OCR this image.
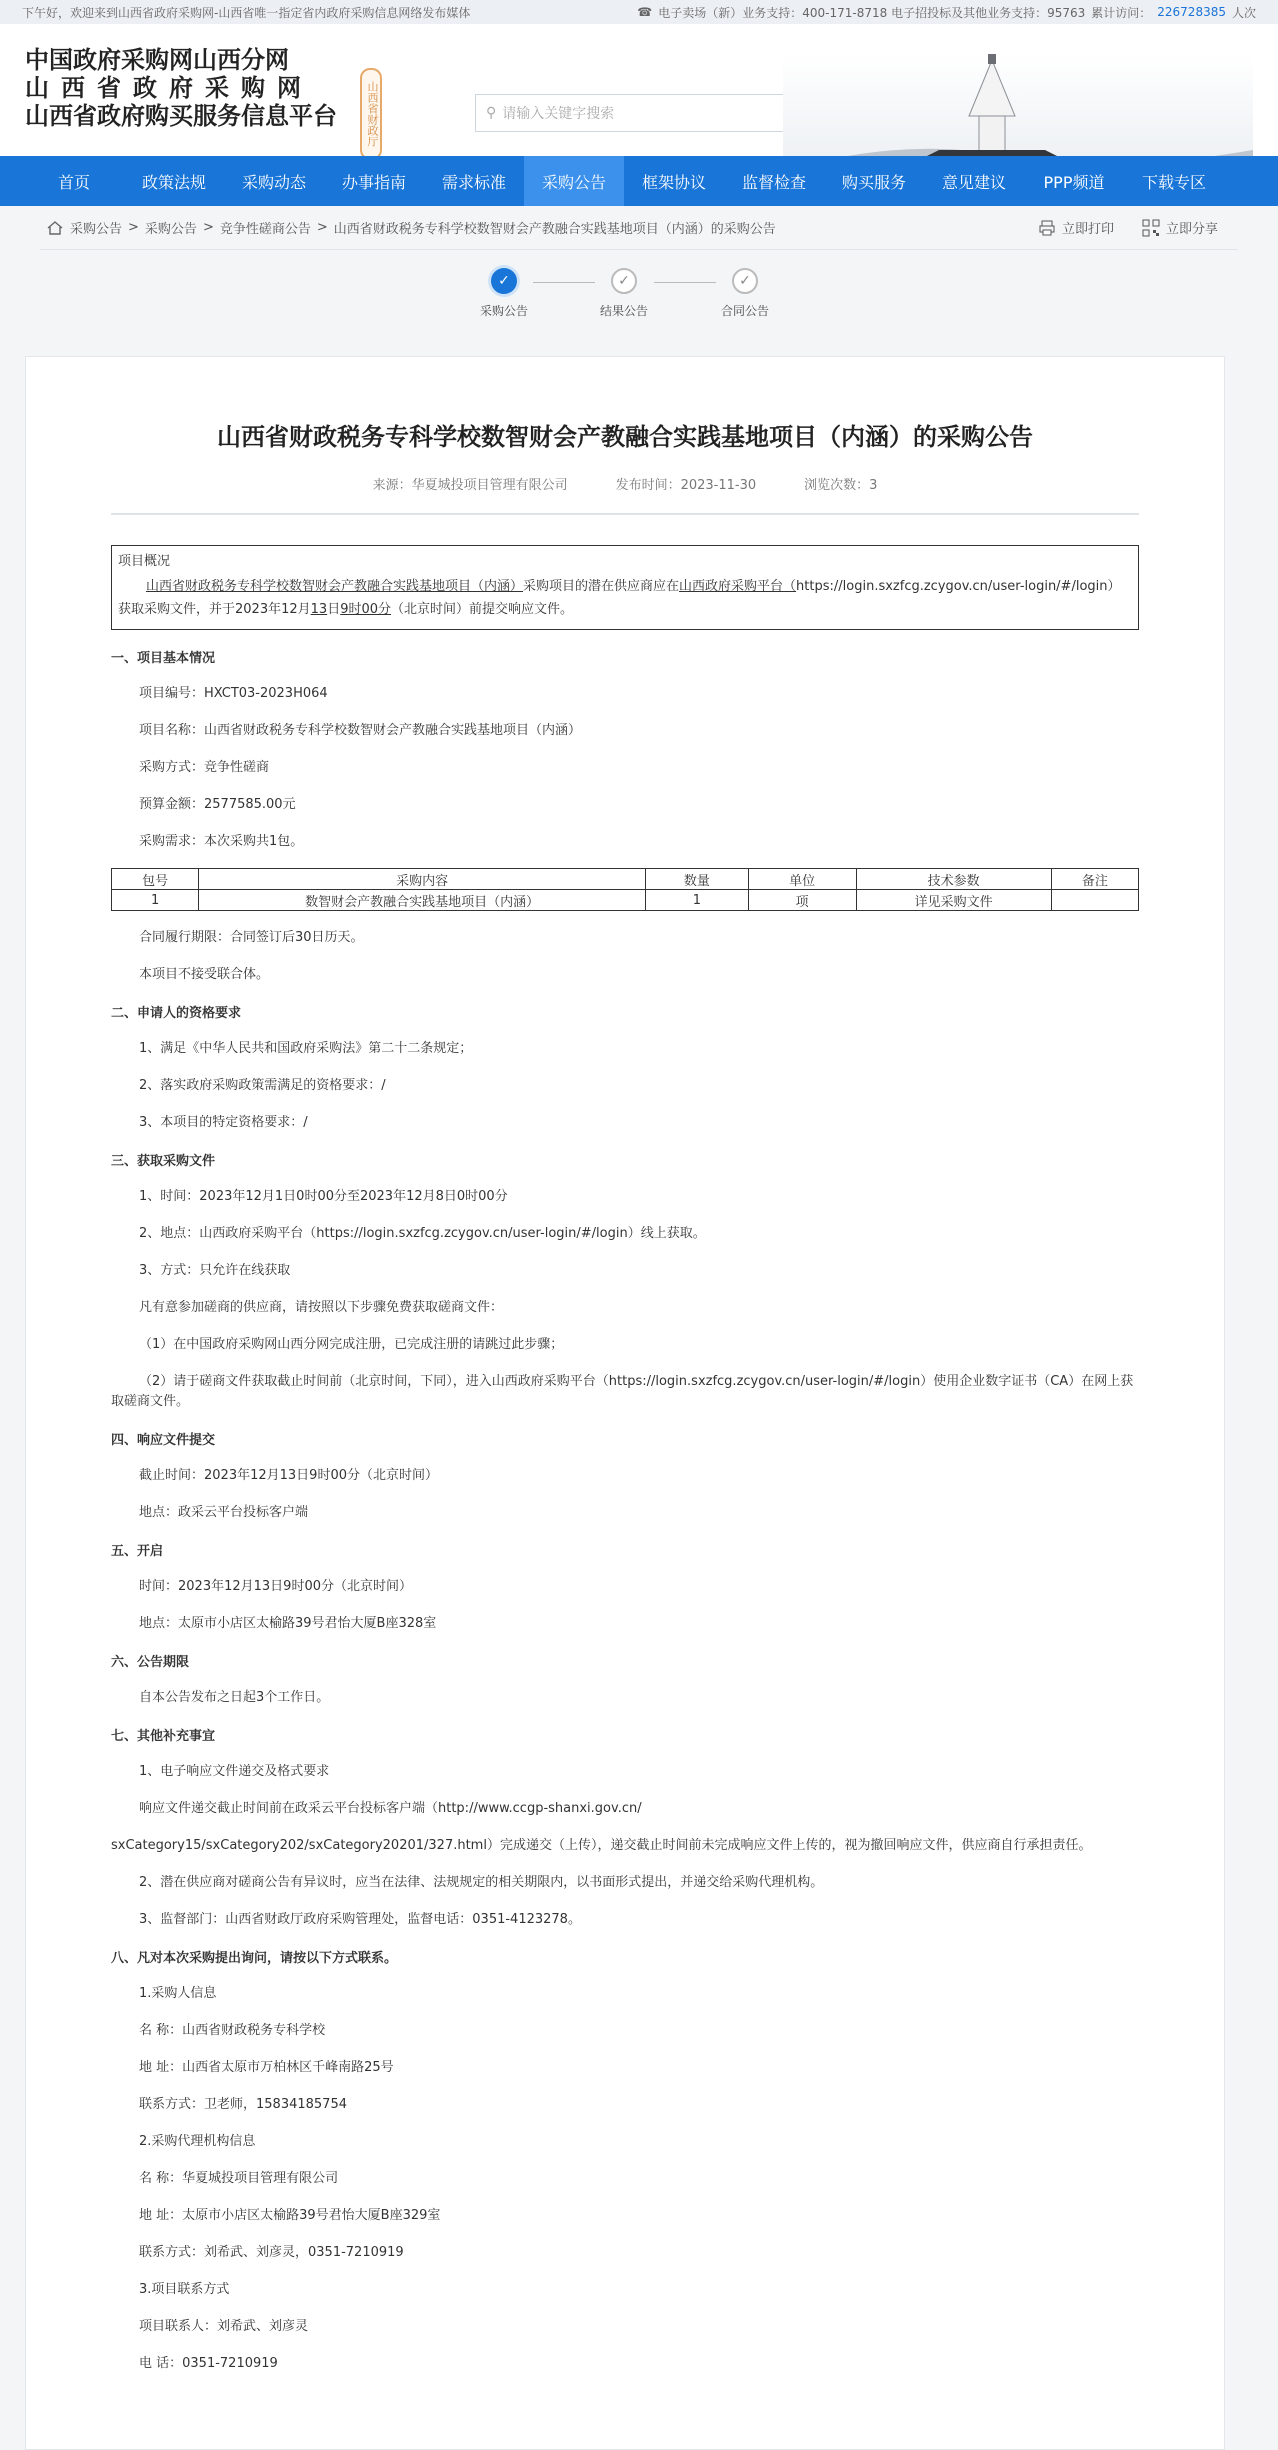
下午好，欢迎来到山西省政府采购网-山西省唯一指定省内政府采购信息网络发布媒体	☎ 电子卖场（新）业务支持：400-171-8718 电子招投标及其他业务支持：95763 累计访问： 226728385 人次
中国政府采购网山西分网
山西省政府采购网
山西省政府购买服务信息平台	山西省财政厅	⚲ 请输入关键字搜索
首页	政策法规	采购动态	办事指南	需求标准	采购公告	框架协议	监督检查	购买服务	意见建议	PPP频道	下载专区
采购公告 > 采购公告 > 竞争性磋商公告 > 山西省财政税务专科学校数智财会产教融合实践基地项目（内涵）的采购公告	立即打印	立即分享
✓
采购公告
✓
结果公告
✓
合同公告
山西省财政税务专科学校数智财会产教融合实践基地项目（内涵）的采购公告
来源：华夏城投项目管理有限公司	发布时间：2023-11-30	浏览次数：3
项目概况
山西省财政税务专科学校数智财会产教融合实践基地项目（内涵）采购项目的潜在供应商应在山西政府采购平台（https://login.sxzfcg.zcygov.cn/user-login/#/login）获取采购文件，并于2023年12月13日9时00分（北京时间）前提交响应文件。
一、项目基本情况
项目编号：HXCT03-2023H064
项目名称：山西省财政税务专科学校数智财会产教融合实践基地项目（内涵）
采购方式：竞争性磋商
预算金额：2577585.00元
采购需求：本次采购共1包。
包号	采购内容	数量	单位	技术参数	备注
1	数智财会产教融合实践基地项目（内涵）	1	项	详见采购文件	
合同履行期限：合同签订后30日历天。
本项目不接受联合体。
二、申请人的资格要求
1、满足《中华人民共和国政府采购法》第二十二条规定；
2、落实政府采购政策需满足的资格要求：/
3、本项目的特定资格要求：/
三、获取采购文件
1、时间：2023年12月1日0时00分至2023年12月8日0时00分
2、地点：山西政府采购平台（https://login.sxzfcg.zcygov.cn/user-login/#/login）线上获取。
3、方式：只允许在线获取
凡有意参加磋商的供应商，请按照以下步骤免费获取磋商文件：
（1）在中国政府采购网山西分网完成注册，已完成注册的请跳过此步骤；
（2）请于磋商文件获取截止时间前（北京时间，下同），进入山西政府采购平台（https://login.sxzfcg.zcygov.cn/user-login/#/login）使用企业数字证书（CA）在网上获取磋商文件。
四、响应文件提交
截止时间：2023年12月13日9时00分（北京时间）
地点：政采云平台投标客户端
五、开启
时间：2023年12月13日9时00分（北京时间）
地点：太原市小店区太榆路39号君怡大厦B座328室
六、公告期限
自本公告发布之日起3个工作日。
七、其他补充事宜
1、电子响应文件递交及格式要求
响应文件递交截止时间前在政采云平台投标客户端（http://www.ccgp-shanxi.gov.cn/
sxCategory15/sxCategory202/sxCategory20201/327.html）完成递交（上传），递交截止时间前未完成响应文件上传的，视为撤回响应文件，供应商自行承担责任。
2、潜在供应商对磋商公告有异议时，应当在法律、法规规定的相关期限内，以书面形式提出，并递交给采购代理机构。
3、监督部门：山西省财政厅政府采购管理处，监督电话：0351-4123278。
八、凡对本次采购提出询问，请按以下方式联系。
1.采购人信息
名 称：山西省财政税务专科学校
地 址：山西省太原市万柏林区千峰南路25号
联系方式：卫老师，15834185754
2.采购代理机构信息
名 称：华夏城投项目管理有限公司
地 址：太原市小店区太榆路39号君怡大厦B座329室
联系方式：刘希武、刘彦灵，0351-7210919
3.项目联系方式
项目联系人：刘希武、刘彦灵
电 话：0351-7210919
